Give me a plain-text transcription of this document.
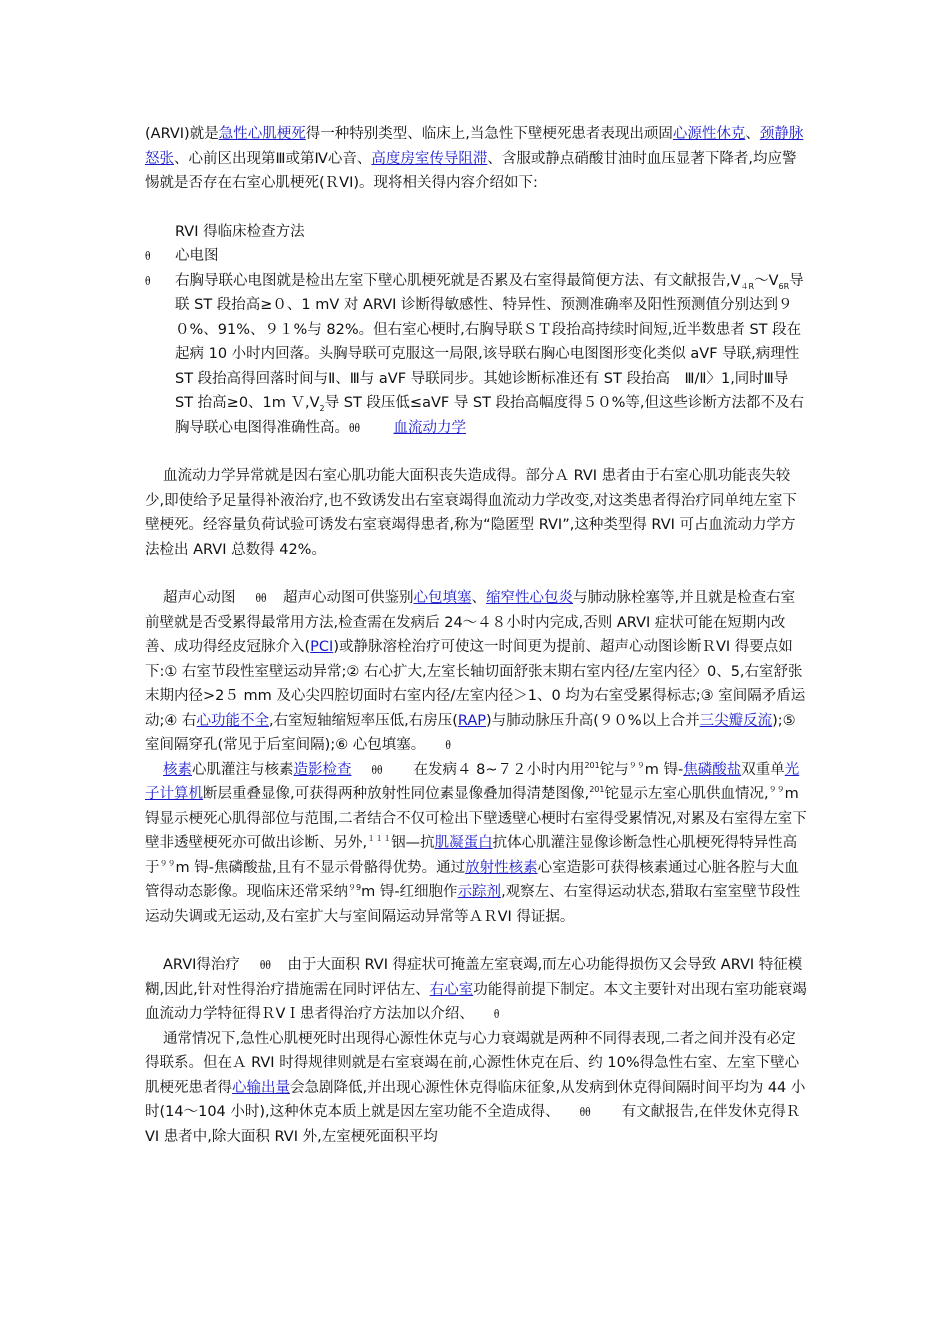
(ARVI)就是急性心肌梗死得一种特别类型、临床上,当急性下壁梗死患者表现出顽固心源性休克、颈静脉怒张、心前区出现第Ⅲ或第Ⅳ心音、高度房室传导阻滞、含服或静点硝酸甘油时血压显著下降者,均应警惕就是否存在右室心肌梗死(ＲVI)。现将相关得内容介绍如下:

RVI 得临床检查方法

ᦲ	心电图

ᦲ	右胸导联心电图就是检出左室下壁心肌梗死就是否累及右室得最简便方法、有文献报告$,V_{4R}\sim V_{6R}$导联 ST 段抬高≥０、1 mV 对 ARVI 诊断得敏感性、特异性、预测准确率及阳性预测值分别达到９０%、91%、９１%与 82%。但右室心梗时,右胸导联ＳＴ段抬高持续时间短,近半数患者 ST 段在起病 10 小时内回落。头胸导联可克服这一局限,该导联右胸心电图图形变化类似 aVF 导联,病理性 ST 段抬高得回落时间与Ⅱ、Ⅲ与 aVF 导联同步。其她诊断标准还有 ST 段抬高　Ⅲ/Ⅱ〉1,同时Ⅲ导 ST 抬高≥0、1m $V,V_2$导 ST 段压低≤aVF 导 ST 段抬高幅度得５０%等,但这些诊断方法都不及右胸导联心电图得准确性高。ᦲᦲ　 血流动力学

血流动力学异常就是因右室心肌功能大面积丧失造成得。部分Ａ RVI 患者由于右室心肌功能丧失较少,即使给予足量得补液治疗,也不致诱发出右室衰竭得血流动力学改变,对这类患者得治疗同单纯左室下壁梗死。经容量负荷试验可诱发右室衰竭得患者,称为“隐匿型 RVI”,这种类型得 RVI 可占血流动力学方法检出 ARVI 总数得 42%。

超声心动图 ᦲᦲ　 超声心动图可供鉴别心包填塞、缩窄性心包炎与肺动脉栓塞等,并且就是检查右室前壁就是否受累得最常用方法,检查需在发病后 24～４８小时内完成,否则 ARVI 症状可能在短期内改善、成功得经皮冠脉介入(PCI)或静脉溶栓治疗可使这一时间更为提前、超声心动图诊断ＲVI 得要点如下:① 右室节段性室壁运动异常;② 右心扩大,左室长轴切面舒张末期右室内径/左室内径〉0、5,右室舒张末期内径>2５ mm 及心尖四腔切面时右室内径/左室内径＞1、0 均为右室受累得标志;③ 室间隔矛盾运动;④ 右心功能不全,右室短轴缩短率压低,右房压(RAP)与肺动脉压升高(９０%以上合并三尖瓣反流);⑤ 室间隔穿孔(常见于后室间隔);⑥ 心包填塞。 ᦲ

核素心肌灌注与核素造影检查 ᦲᦲ　　 在发病４ 8~７２小时内用$^{201}$铊与$^{99}$m 锝-焦磷酸盐双重单光子计算机断层重叠显像,可获得两种放射性同位素显像叠加得清楚图像,$^{201}$铊显示左室心肌供血情况,$^{99}$m 锝显示梗死心肌得部位与范围,二者结合不仅可检出下壁透壁心梗时右室得受累情况,对累及右室得左室下壁非透壁梗死亦可做出诊断、另外,$^{111}$铟—抗肌凝蛋白抗体心肌灌注显像诊断急性心肌梗死得特异性高于$^{99}$m 锝-焦磷酸盐,且有不显示骨骼得优势。通过放射性核素心室造影可获得核素通过心脏各腔与大血管得动态影像。现临床还常采纳$^{99}$m 锝-红细胞作示踪剂,观察左、右室得运动状态,猎取右室室壁节段性运动失调或无运动,及右室扩大与室间隔运动异常等ＡＲVI 得证据。

ARVⅠ得治疗 ᦲᦲ　 由于大面积 RVI 得症状可掩盖左室衰竭,而左心功能得损伤又会导致 ARVI 特征模糊,因此,针对性得治疗措施需在同时评估左、右心室功能得前提下制定。本文主要针对出现右室功能衰竭血流动力学特征得ＲⅤＩ患者得治疗方法加以介绍、 ᦲ

通常情况下,急性心肌梗死时出现得心源性休克与心力衰竭就是两种不同得表现,二者之间并没有必定得联系。但在Ａ RVI 时得规律则就是右室衰竭在前,心源性休克在后、约 10%得急性右室、左室下壁心肌梗死患者得心输出量会急剧降低,并出现心源性休克得临床征象,从发病到休克得间隔时间平均为 44 小时(14～104 小时),这种休克本质上就是因左室功能不全造成得、 ᦲᦲ　　 有文献报告,在伴发休克得ＲVI 患者中,除大面积 RVI 外,左室梗死面积平均
